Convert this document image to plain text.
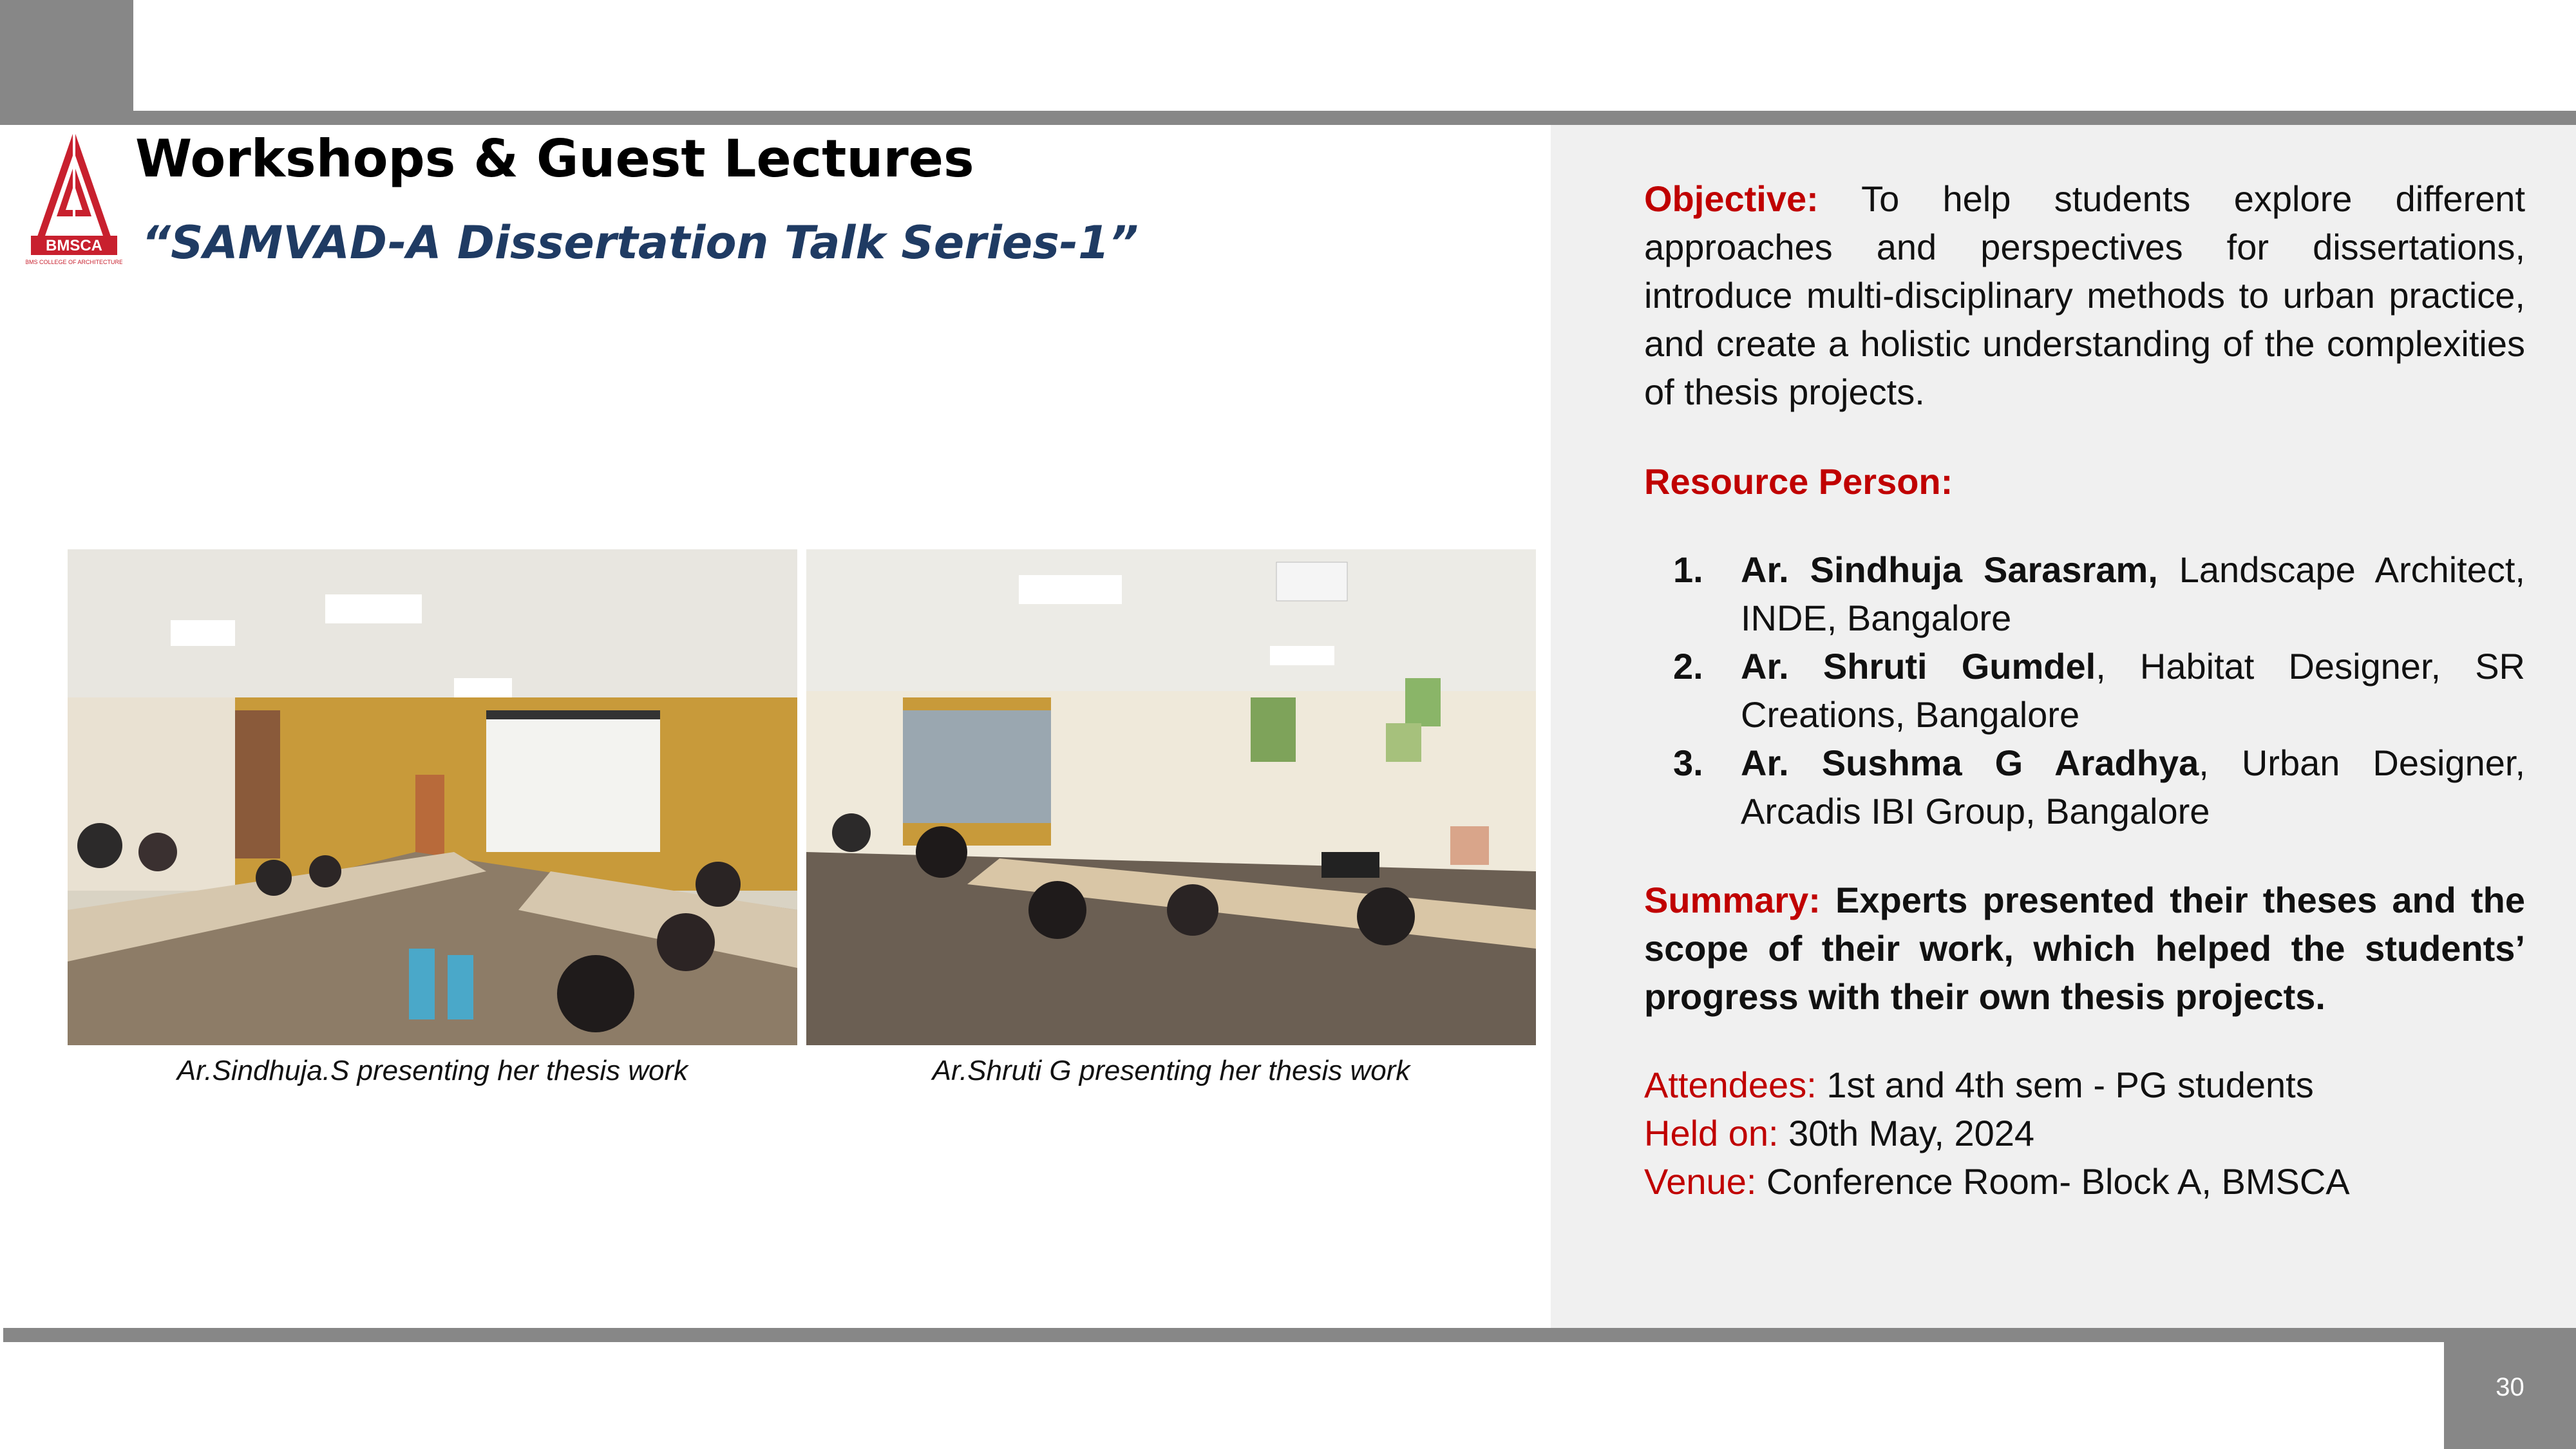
BMSCA
BMS COLLEGE OF ARCHITECTURE
Workshops & Guest Lectures
“SAMVAD-A Dissertation Talk Series-1”
Ar.Sindhuja.S presenting her thesis work	Ar.Shruti G presenting her thesis work
Objective: To help students explore different approaches and perspectives for dissertations, introduce multi-disciplinary methods to urban practice, and create a holistic understanding of the complexities of thesis projects.
Resource Person:
1. Ar. Sindhuja Sarasram, Landscape Architect, INDE, Bangalore
2. Ar. Shruti Gumdel, Habitat Designer, SR Creations, Bangalore
3. Ar. Sushma G Aradhya, Urban Designer, Arcadis IBI Group, Bangalore
Summary: Experts presented their theses and the scope of their work, which helped the students’ progress with their own thesis projects.
Attendees: 1st and 4th sem - PG students
Held on: 30th May, 2024
Venue: Conference Room- Block A, BMSCA
30
